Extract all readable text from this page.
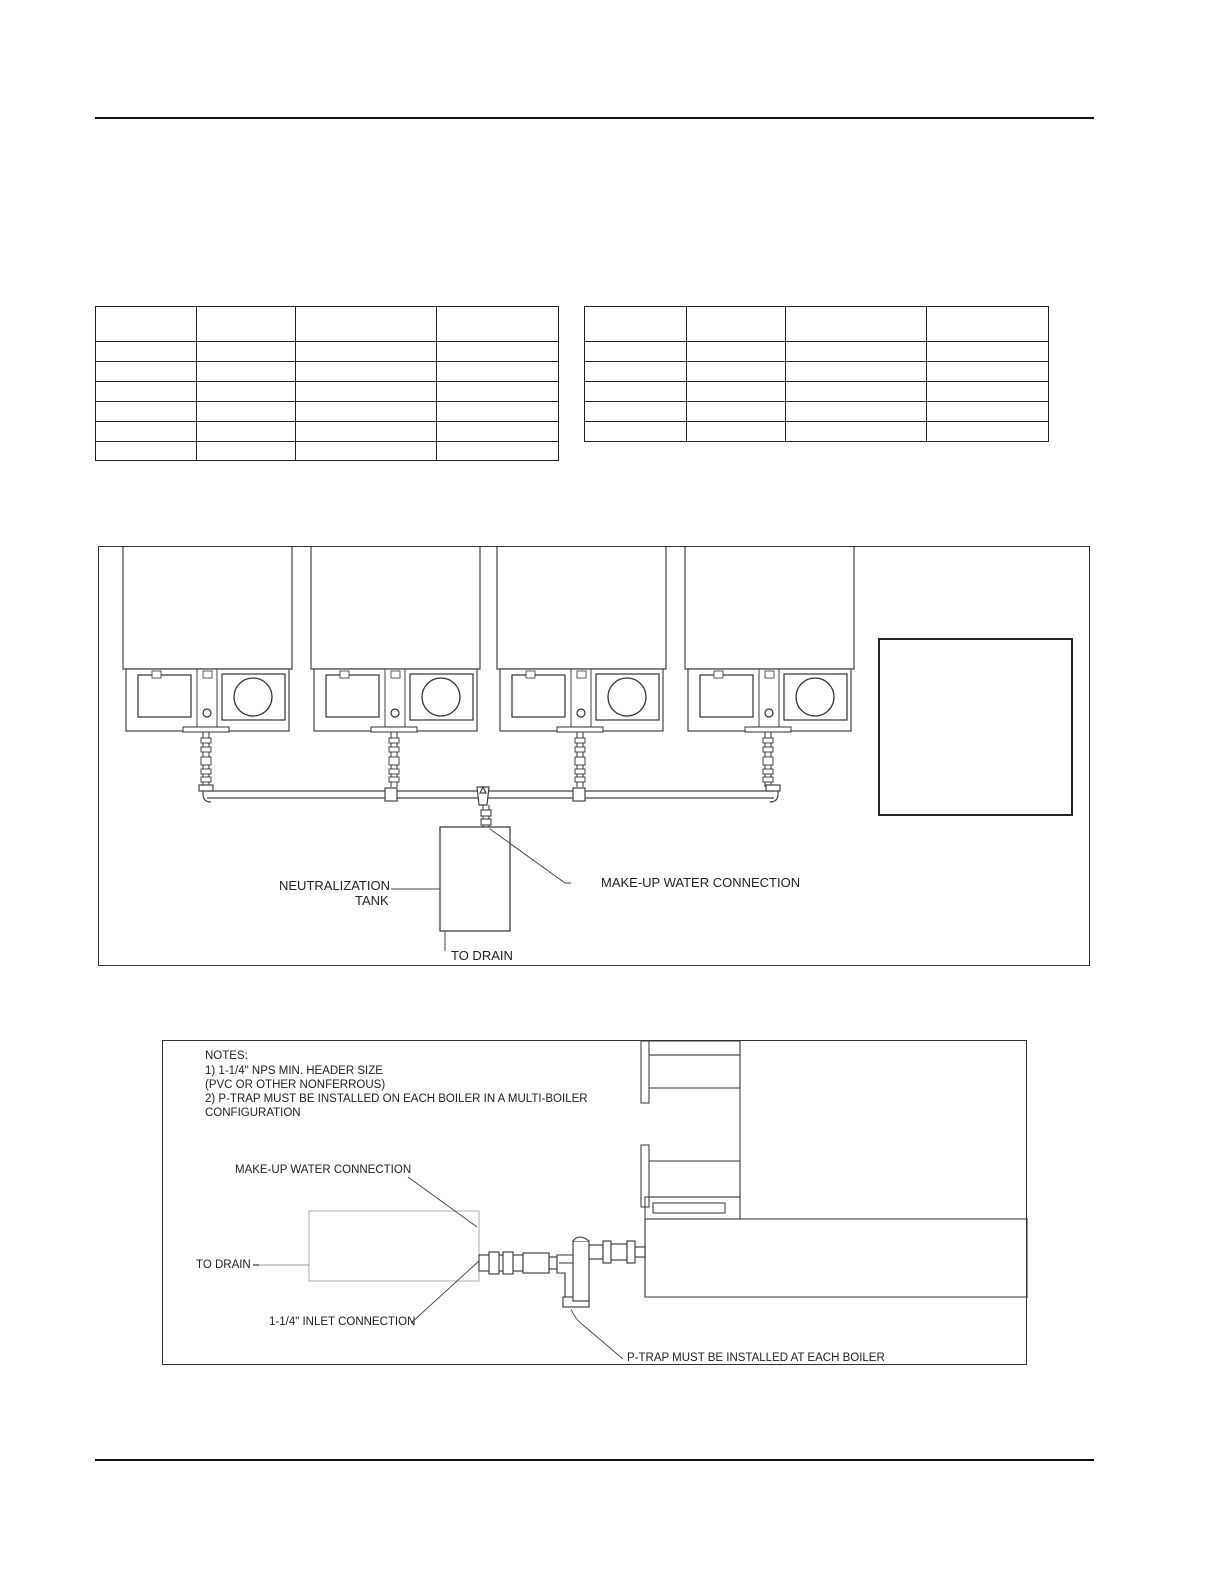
NEUTRALIZATION
TANK
MAKE-UP WATER CONNECTION
TO DRAIN
NOTES:
1) 1-1/4" NPS MIN. HEADER SIZE
(PVC OR OTHER NONFERROUS)
2) P-TRAP MUST BE INSTALLED ON EACH BOILER IN A MULTI-BOILER
CONFIGURATION
MAKE-UP WATER CONNECTION
TO DRAIN
1-1/4" INLET CONNECTION
P-TRAP MUST BE INSTALLED AT EACH BOILER
